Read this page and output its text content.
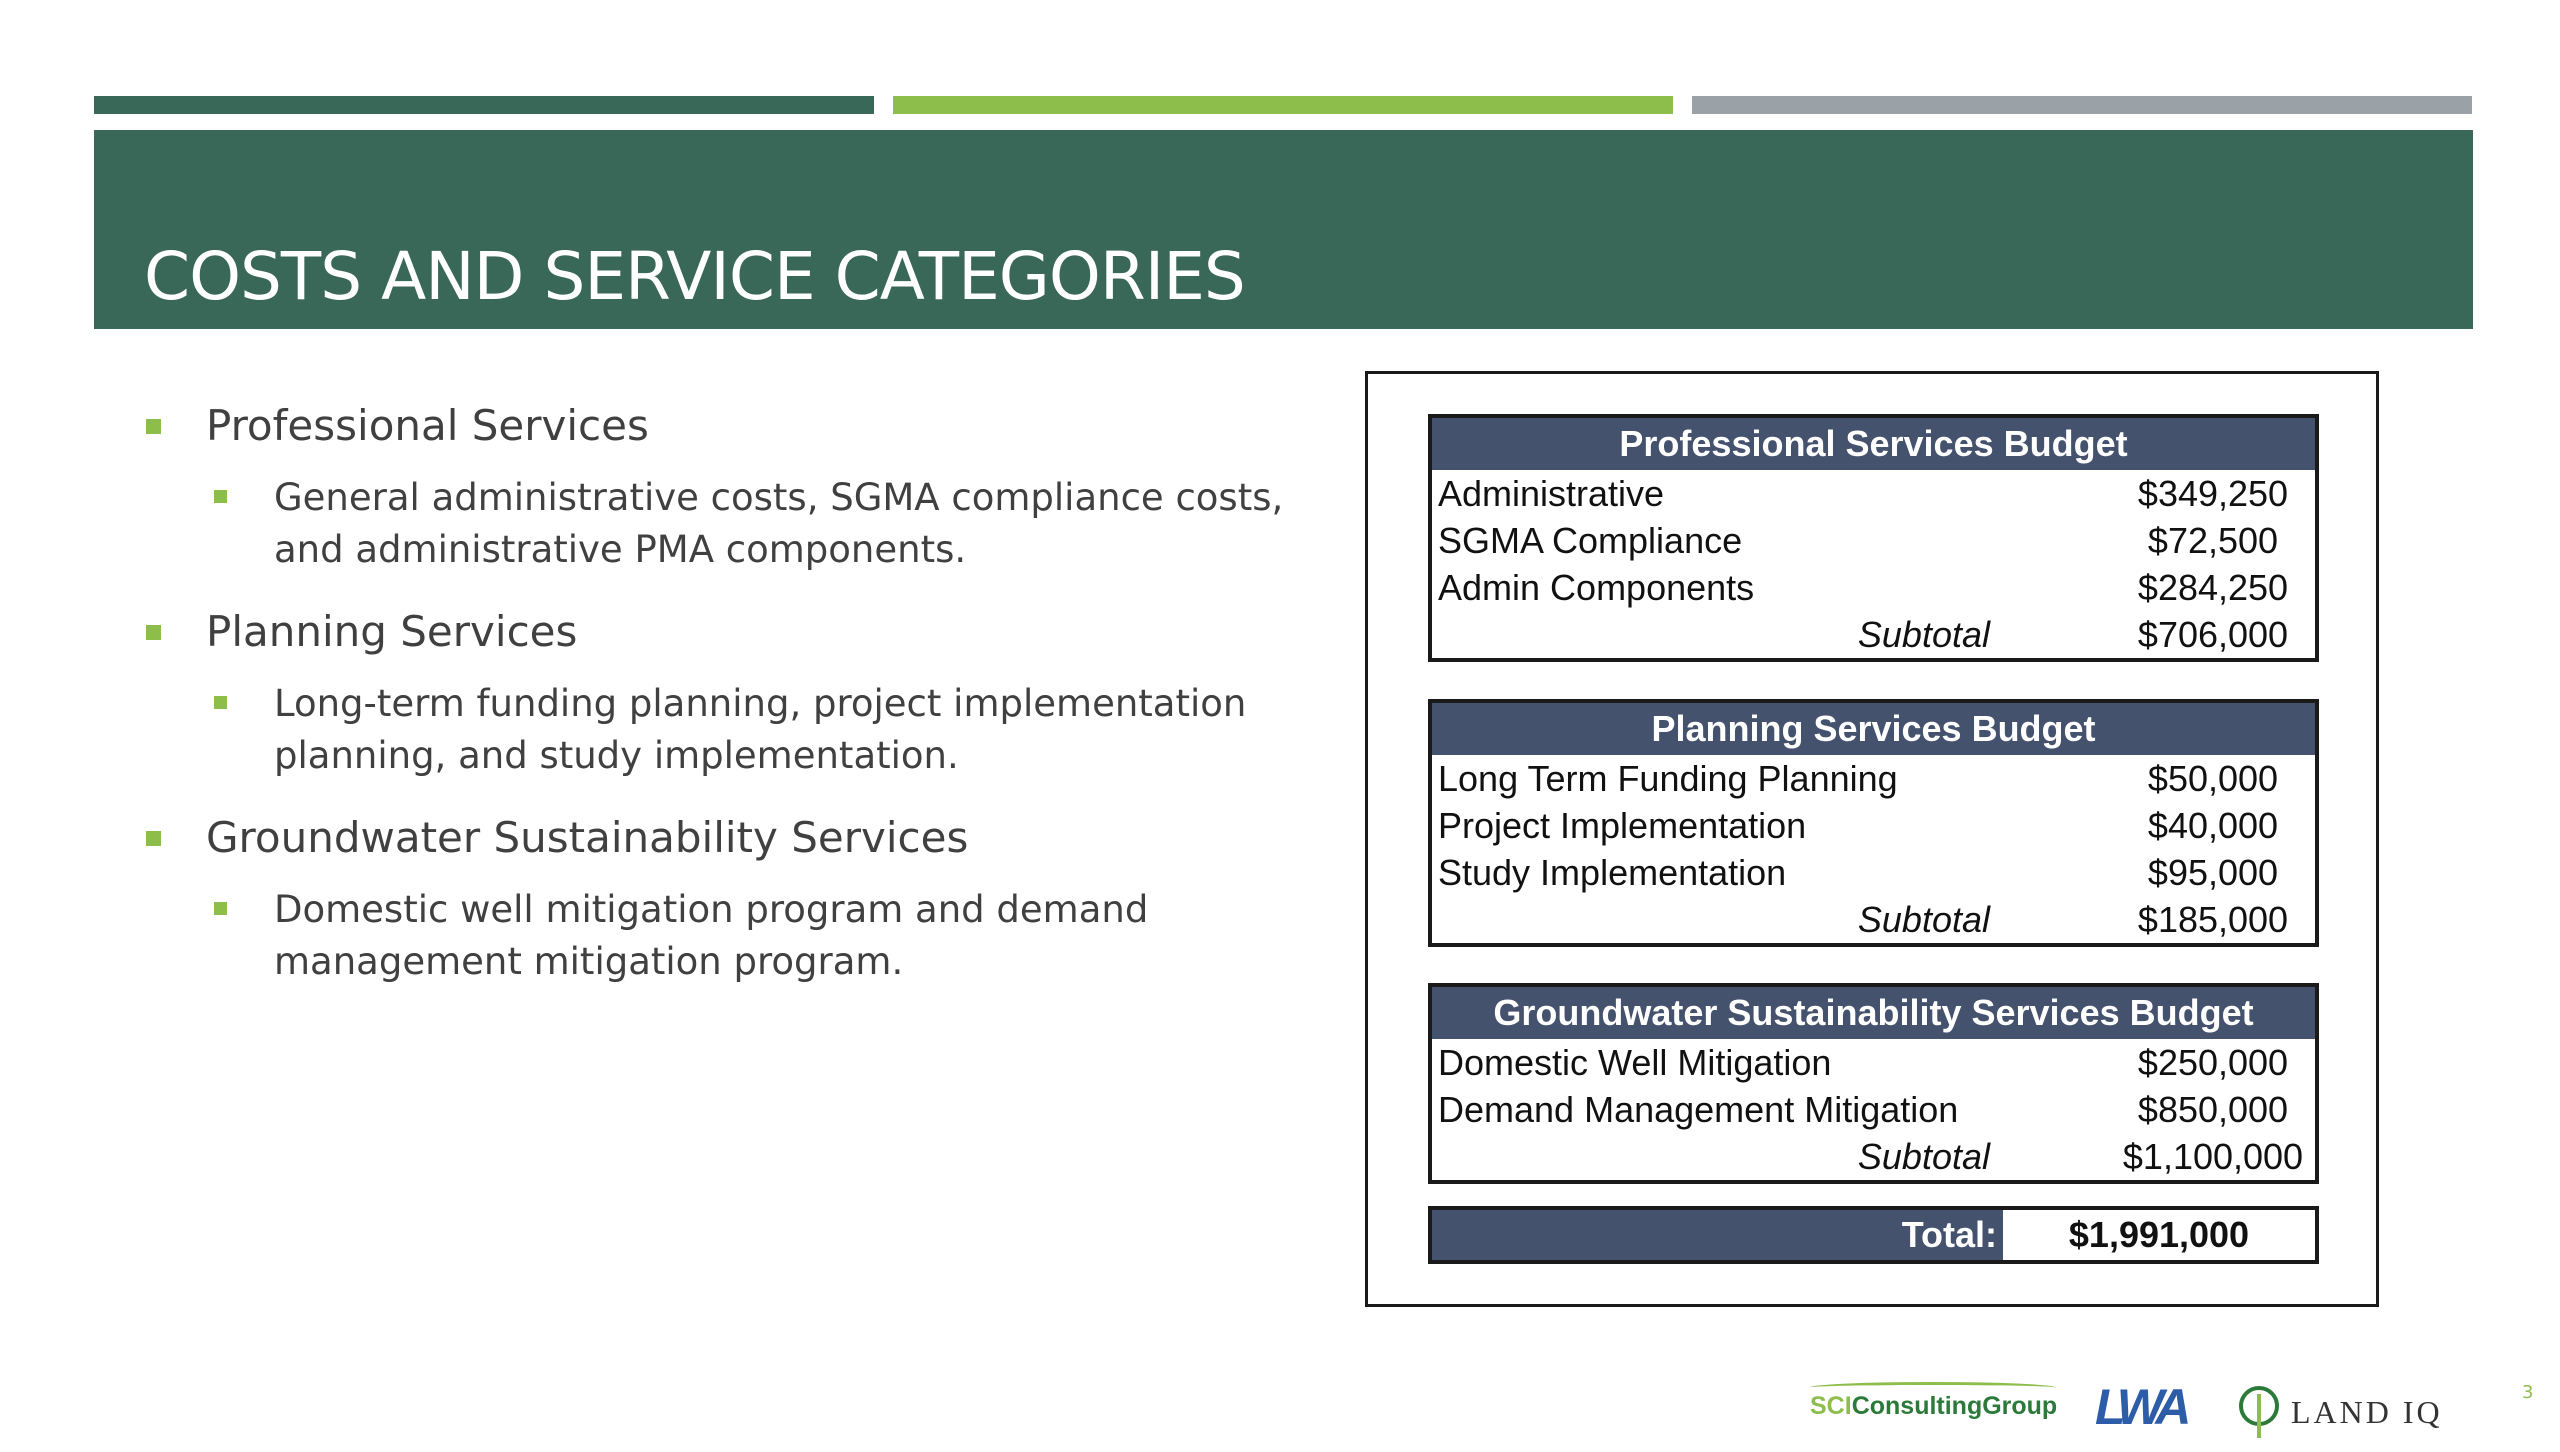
COSTS AND SERVICE CATEGORIES
Professional Services
General administrative costs, SGMA compliance costs, and administrative PMA components.
Planning Services
Long-term funding planning, project implementation planning, and study implementation.
Groundwater Sustainability Services
Domestic well mitigation program and demand management mitigation program.
Professional Services Budget
Administrative	$349,250
SGMA Compliance	$72,500
Admin Components	$284,250
Subtotal	$706,000
Planning Services Budget
Long Term Funding Planning	$50,000
Project Implementation	$40,000
Study Implementation	$95,000
Subtotal	$185,000
Groundwater Sustainability Services Budget
Domestic Well Mitigation	$250,000
Demand Management Mitigation	$850,000
Subtotal	$1,100,000
Total:	$1,991,000
SCIConsultingGroup LWA	LAND IQ
3
